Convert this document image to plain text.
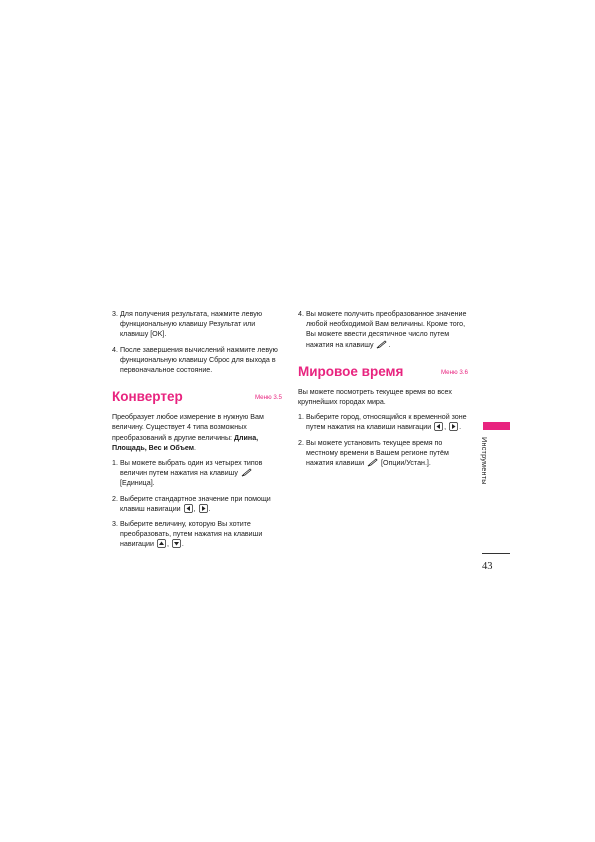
3. Для получения результата, нажмите левую функциональную клавишу Результат или клавишу [OK].
4. После завершения вычислений нажмите левую функциональную клавишу Сброс для выхода в первоначальное состояние.
Конвертер	Меню 3.5
Преобразует любое измерение в нужную Вам величину. Существует 4 типа возможных преобразований в другие величины: Длина, Площадь, Вес и Объем.
1. Вы можете выбрать один из четырех типов величин путем нажатия на клавишу  [Единица].
2. Выберите стандартное значение при помощи клавиш навигации , .
3. Выберите величину, которую Вы хотите преобразовать, путем нажатия на клавиши навигации , .
4. Вы можете получить преобразованное значение любой необходимой Вам величины. Кроме того, Вы можете ввести десятичное число путем нажатия на клавишу .
Мировое время	Меню 3.6
Вы можете посмотреть текущее время во всех крупнейших городах мира.
1. Выберите город, относящийся к временной зоне путем нажатия на клавиши навигации , .
2. Вы можете установить текущее время по местному времени в Вашем регионе путём нажатия клавиши [Опции/Устан.].	Инструменты
43
